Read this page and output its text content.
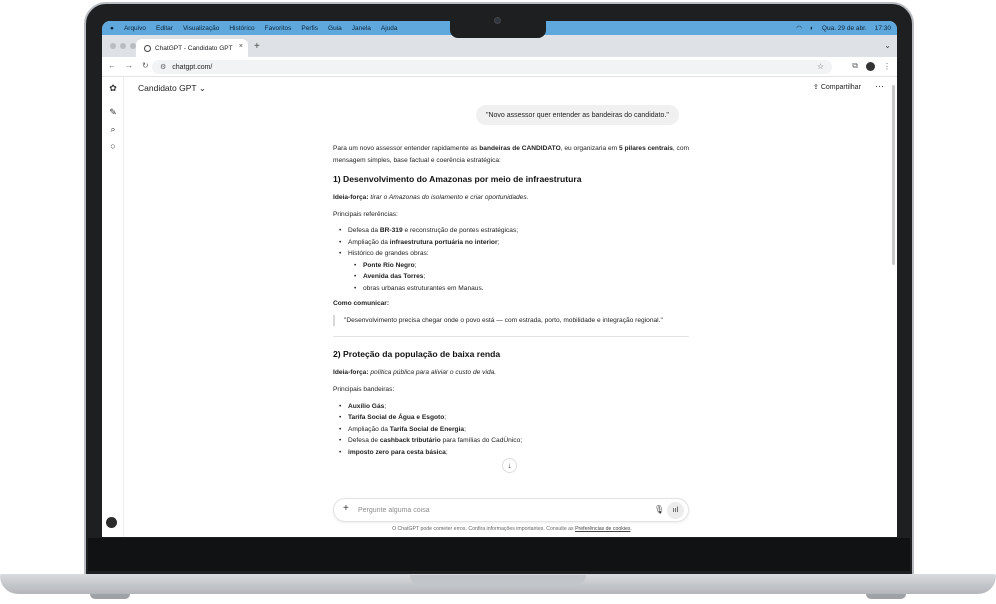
● Arquivo Editar Visualização Histórico Favoritos Perfis Guia Janela Ajuda	◠ ◐ Qua. 29 de abr. 17:30
ChatGPT - Candidato GPT × +	⌄
← → ↻ ⚙ chatgpt.com/	☆	⧉	⋮
✿
✎
⌕
○
Candidato GPT ⌄	⇪ Compartilhar ···
"Novo assessor quer entender as bandeiras do candidato."

Para um novo assessor entender rapidamente as bandeiras de CANDIDATO, eu organizaria em 5 pilares centrais, com mensagem simples, base factual e coerência estratégica:

1) Desenvolvimento do Amazonas por meio de infraestrutura

Ideia-força: tirar o Amazonas do isolamento e criar oportunidades.

Principais referências:

• Defesa da BR-319 e reconstrução de pontes estratégicas;
• Ampliação da infraestrutura portuária no interior;
• Histórico de grandes obras:
• Ponte Rio Negro;
• Avenida das Torres;
• obras urbanas estruturantes em Manaus.

Como comunicar:

"Desenvolvimento precisa chegar onde o povo está — com estrada, porto, mobilidade e integração regional."
2) Proteção da população de baixa renda

Ideia-força: política pública para aliviar o custo de vida.

Principais bandeiras:

• Auxílio Gás;
• Tarifa Social de Água e Esgoto;
• Ampliação da Tarifa Social de Energia;
• Defesa de cashback tributário para famílias do CadÚnico;
• imposto zero para cesta básica;
↓
+
Pergunte alguma coisa	🎙	ııl
O ChatGPT pode cometer erros. Confira informações importantes. Consulte as Preferências de cookies.
